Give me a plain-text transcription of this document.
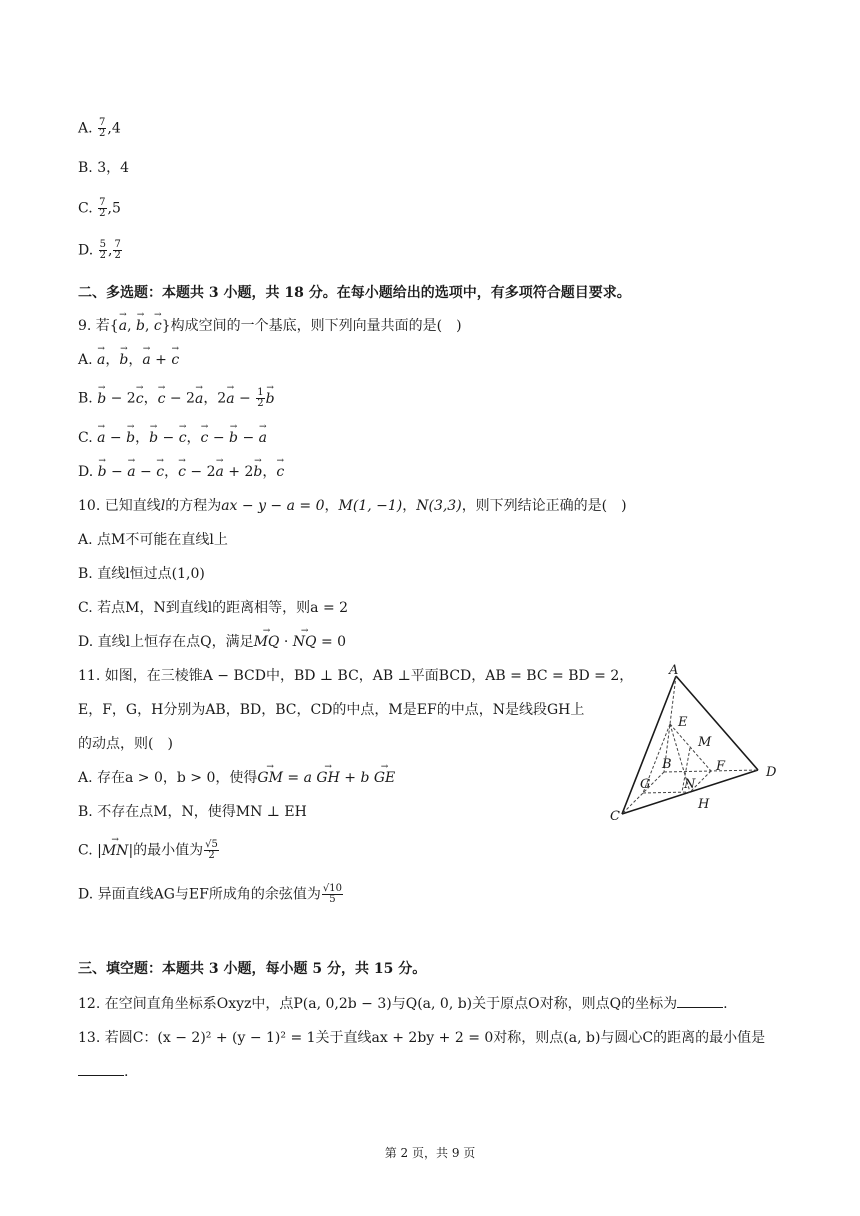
A. $\frac{7}{2} ,4$
B. 3，4
C. $\frac{7}{2} ,5$
D. $\frac{5}{2}$ , $\frac{7}{2}$
二、多选题：本题共 3 小题，共 18 分。在每小题给出的选项中，有多项符合题目要求。
9. 若{→ a, → b, → c}构成空间的一个基底，则下列向量共面的是(　)
A. → a，→ b，→ a + → c
B. → b − 2→ c，→ c − 2→ a，$2\to a - \frac{1}{2}$
→ b
C. → a − → b，→ b − → c，→ c − → b − → a
D. → b − → a − → c，→ c − 2→ a + 2→ b，→ c
10. 已知直线l的方程为ax − y − a = 0，M(1, −1)，N(3,3)，则下列结论正确的是(　)
A. 点M不可能在直线l上
B. 直线l恒过点(1,0)
C. 若点M，N到直线l的距离相等，则a = 2
D. 直线l上恒存在点Q，满足→ MQ · → NQ = 0
11. 如图，在三棱锥A − BCD中，BD ⊥ BC，AB ⊥平面BCD，AB = BC = BD = 2，
E，F，G，H分别为AB，BD，BC，CD的中点，M是EF的中点，N是线段GH上
的动点，则(　)
A. 存在a > 0，b > 0，使得→ GM = a → GH + b → GE
B. 不存在点M，N，使得MN ⊥ EH
C. |→ MN|的最小值为 $\frac{√5}{2}$
D. 异面直线AG与EF所成角的余弦值为 $\frac{√10}{5}$
A
B
C
D
E
F
G
H
M
N
三、填空题：本题共 3 小题，每小题 5 分，共 15 分。
12. 在空间直角坐标系Oxyz中，点P(a, 0,2b − 3)与Q(a, 0, b)关于原点O对称，则点Q的坐标为	.
13. 若圆C：(x − 2)² + (y − 1)² = 1关于直线ax + 2by + 2 = 0对称，则点(a, b)与圆心C的距离的最小值是
.
第 2 页，共 9 页
